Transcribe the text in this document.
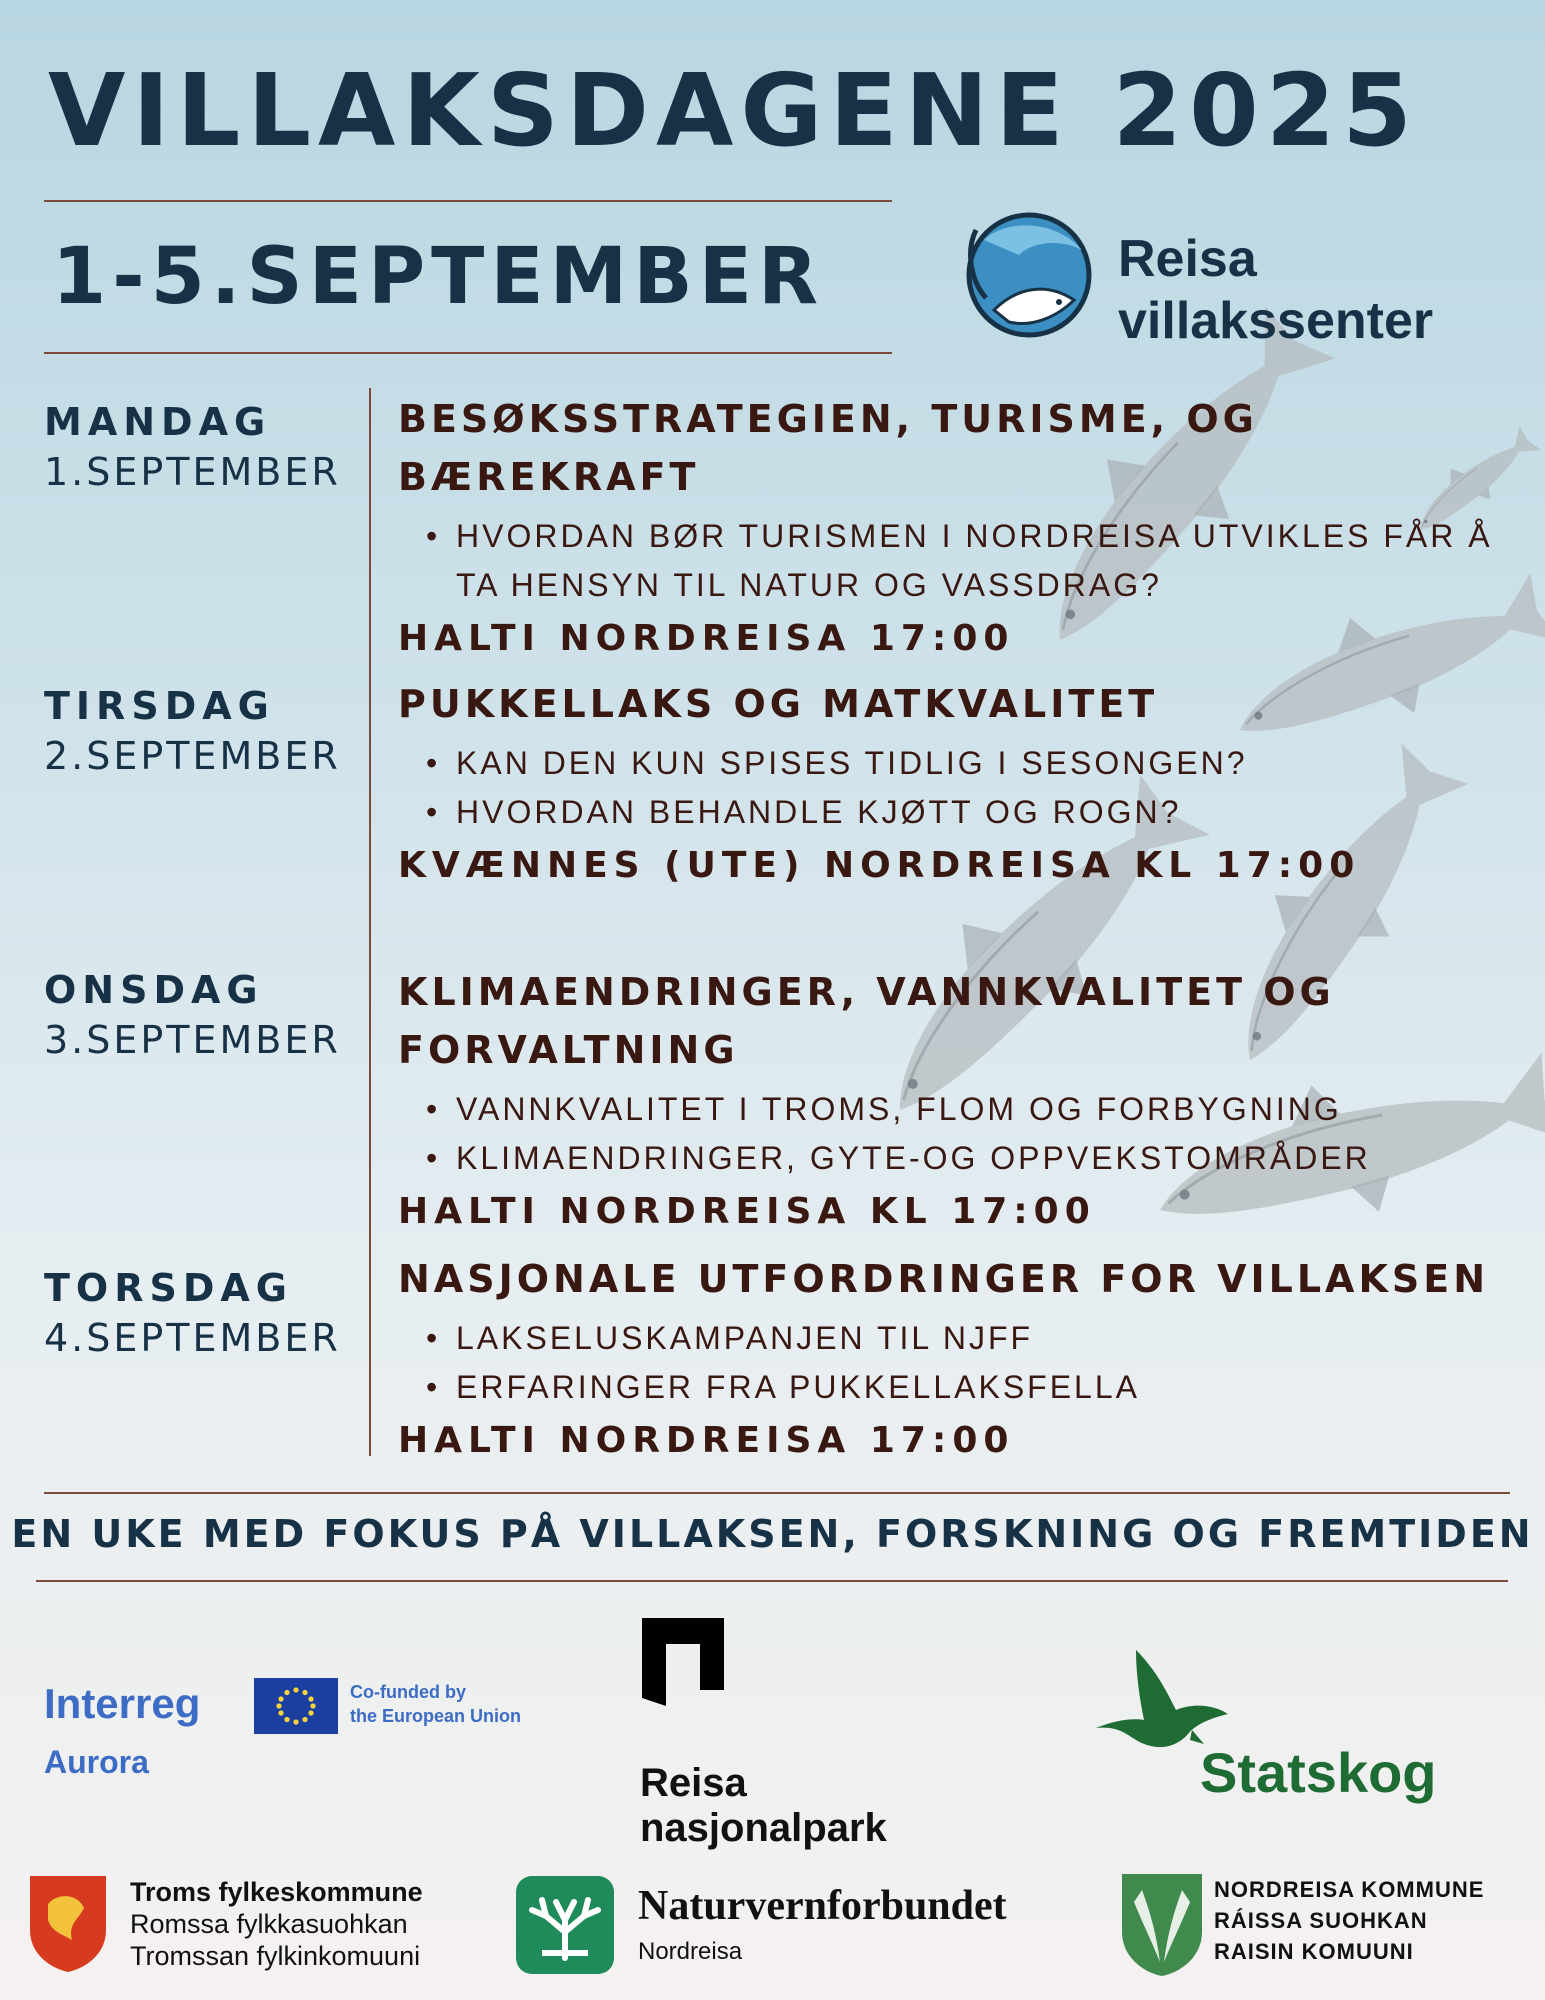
VILLAKSDAGENE 2025
1-5.SEPTEMBER	Reisa
villakssenter
MANDAG
1.SEPTEMBER
BESØKSSTRATEGIEN, TURISME, OG BÆREKRAFT
• HVORDAN BØR TURISMEN I NORDREISA UTVIKLES FÅR Å TA HENSYN TIL NATUR OG VASSDRAG?
HALTI NORDREISA 17:00
TIRSDAG
2.SEPTEMBER
PUKKELLAKS OG MATKVALITET
• KAN DEN KUN SPISES TIDLIG I SESONGEN?
• HVORDAN BEHANDLE KJØTT OG ROGN?
KVÆNNES (UTE) NORDREISA KL 17:00
ONSDAG
3.SEPTEMBER
KLIMAENDRINGER, VANNKVALITET OG FORVALTNING
• VANNKVALITET I TROMS, FLOM OG FORBYGNING
• KLIMAENDRINGER, GYTE-OG OPPVEKSTOMRÅDER
HALTI NORDREISA KL 17:00
TORSDAG
4.SEPTEMBER
NASJONALE UTFORDRINGER FOR VILLAKSEN
• LAKSELUSKAMPANJEN TIL NJFF
• ERFARINGER FRA PUKKELLAKSFELLA
HALTI NORDREISA 17:00
EN UKE MED FOKUS PÅ VILLAKSEN, FORSKNING OG FREMTIDEN
Interreg
Aurora
Co-funded by
the European Union
Reisa
nasjonalpark
Statskog
Troms fylkeskommune
Romssa fylkkasuohkan
Tromssan fylkinkomuuni
Naturvernforbundet
Nordreisa
NORDREISA KOMMUNE
RÁISSA SUOHKAN
RAISIN KOMUUNI
